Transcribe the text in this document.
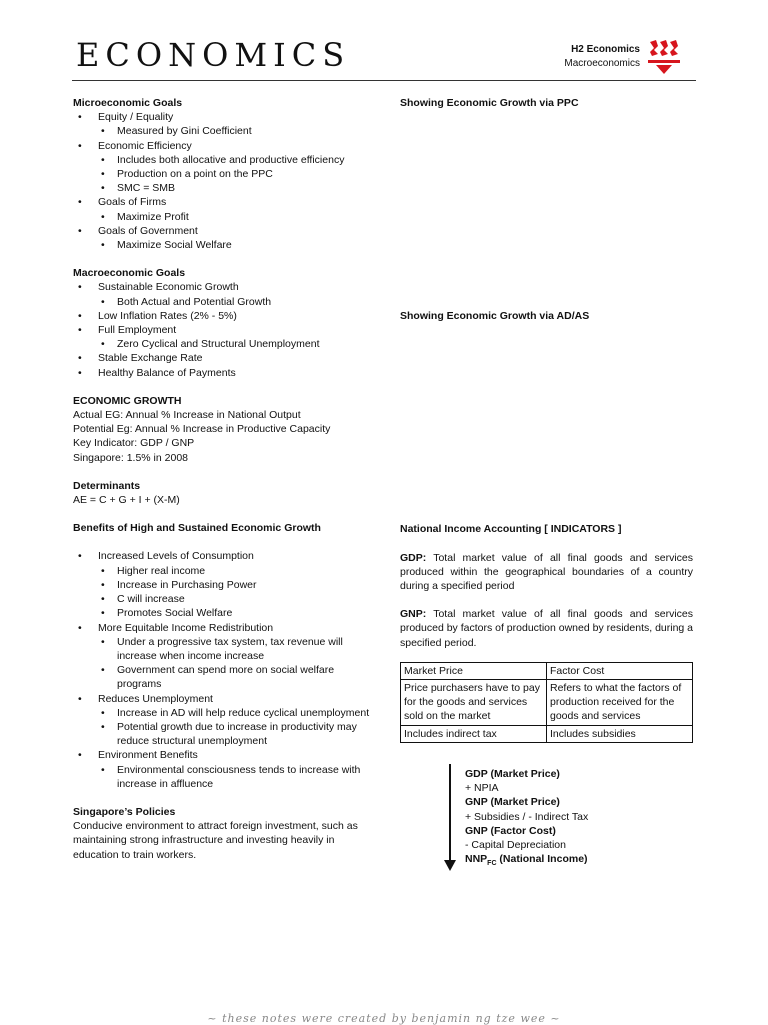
ECONOMICS	H2 Economics
Macroeconomics
Microeconomic Goals
• Equity / Equality
• Measured by Gini Coefficient
• Economic Efficiency
• Includes both allocative and productive efficiency
• Production on a point on the PPC
• SMC = SMB
• Goals of Firms
• Maximize Profit
• Goals of Government
• Maximize Social Welfare
Macroeconomic Goals
• Sustainable Economic Growth
• Both Actual and Potential Growth
• Low Inflation Rates (2% - 5%)
• Full Employment
• Zero Cyclical and Structural Unemployment
• Stable Exchange Rate
• Healthy Balance of Payments
ECONOMIC GROWTH
Actual EG: Annual % Increase in National Output
Potential Eg: Annual % Increase in Productive Capacity
Key Indicator: GDP / GNP
Singapore: 1.5% in 2008
Determinants
AE = C + G + I + (X-M)
Benefits of High and Sustained Economic Growth
• Increased Levels of Consumption
• Higher real income
• Increase in Purchasing Power
• C will increase
• Promotes Social Welfare
• More Equitable Income Redistribution
• Under a progressive tax system, tax revenue will increase when income increase
• Government can spend more on social welfare programs
• Reduces Unemployment
• Increase in AD will help reduce cyclical unemployment
• Potential growth due to increase in productivity may reduce structural unemployment
• Environment Benefits
• Environmental consciousness tends to increase with increase in affluence
Singapore’s Policies
Conducive environment to attract foreign investment, such as maintaining strong infrastructure and investing heavily in education to train workers.
Showing Economic Growth via PPC
Showing Economic Growth via AD/AS
National Income Accounting [ INDICATORS ]
GDP: Total market value of all final goods and services produced within the geographical boundaries of a country during a specified period
GNP: Total market value of all final goods and services produced by factors of production owned by residents, during a specified period.
Market Price	Factor Cost
Price purchasers have to pay for the goods and services sold on the market	Refers to what the factors of production received for the goods and services
Includes indirect tax	Includes subsidies
GDP (Market Price)
+ NPIA
GNP (Market Price)
+ Subsidies / - Indirect Tax
GNP (Factor Cost)
- Capital Depreciation
$NNP_{FC}$ (National Income)
~ these notes were created by benjamin ng tze wee ~
